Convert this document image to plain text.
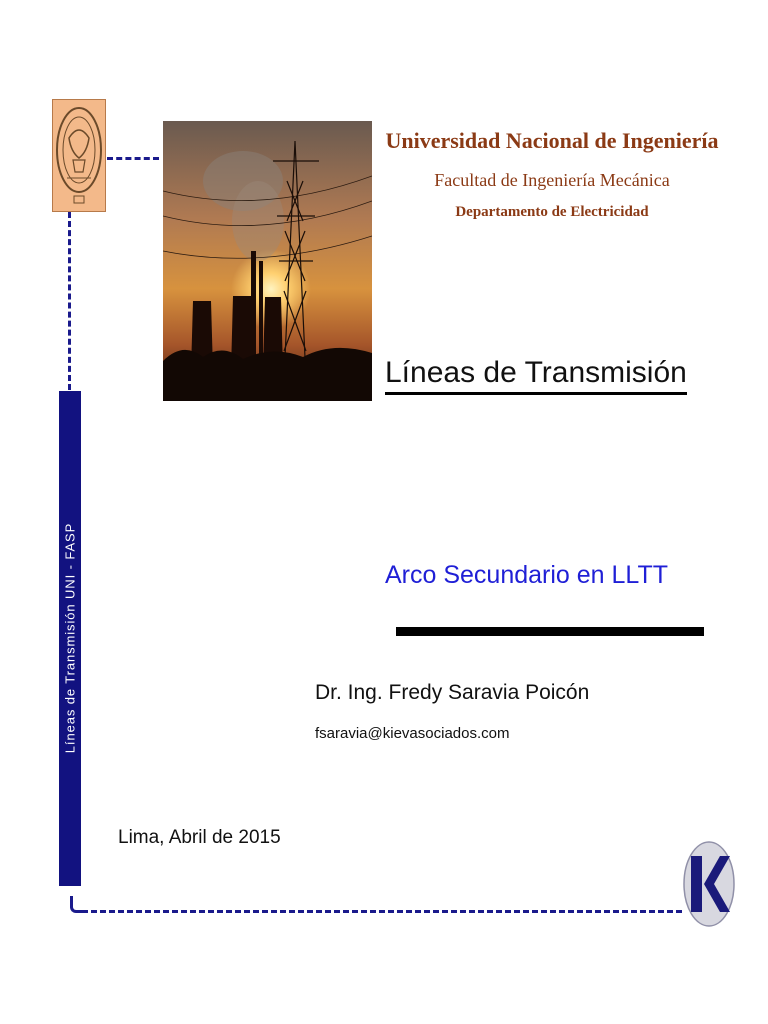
Líneas de Transmisión UNI - FASP
Universidad Nacional de Ingeniería
Facultad de Ingeniería Mecánica
Departamento de Electricidad
Líneas de Transmisión
Arco Secundario en LLTT
Dr. Ing. Fredy Saravia Poicón
fsaravia@kievasociados.com
Lima, Abril de 2015
